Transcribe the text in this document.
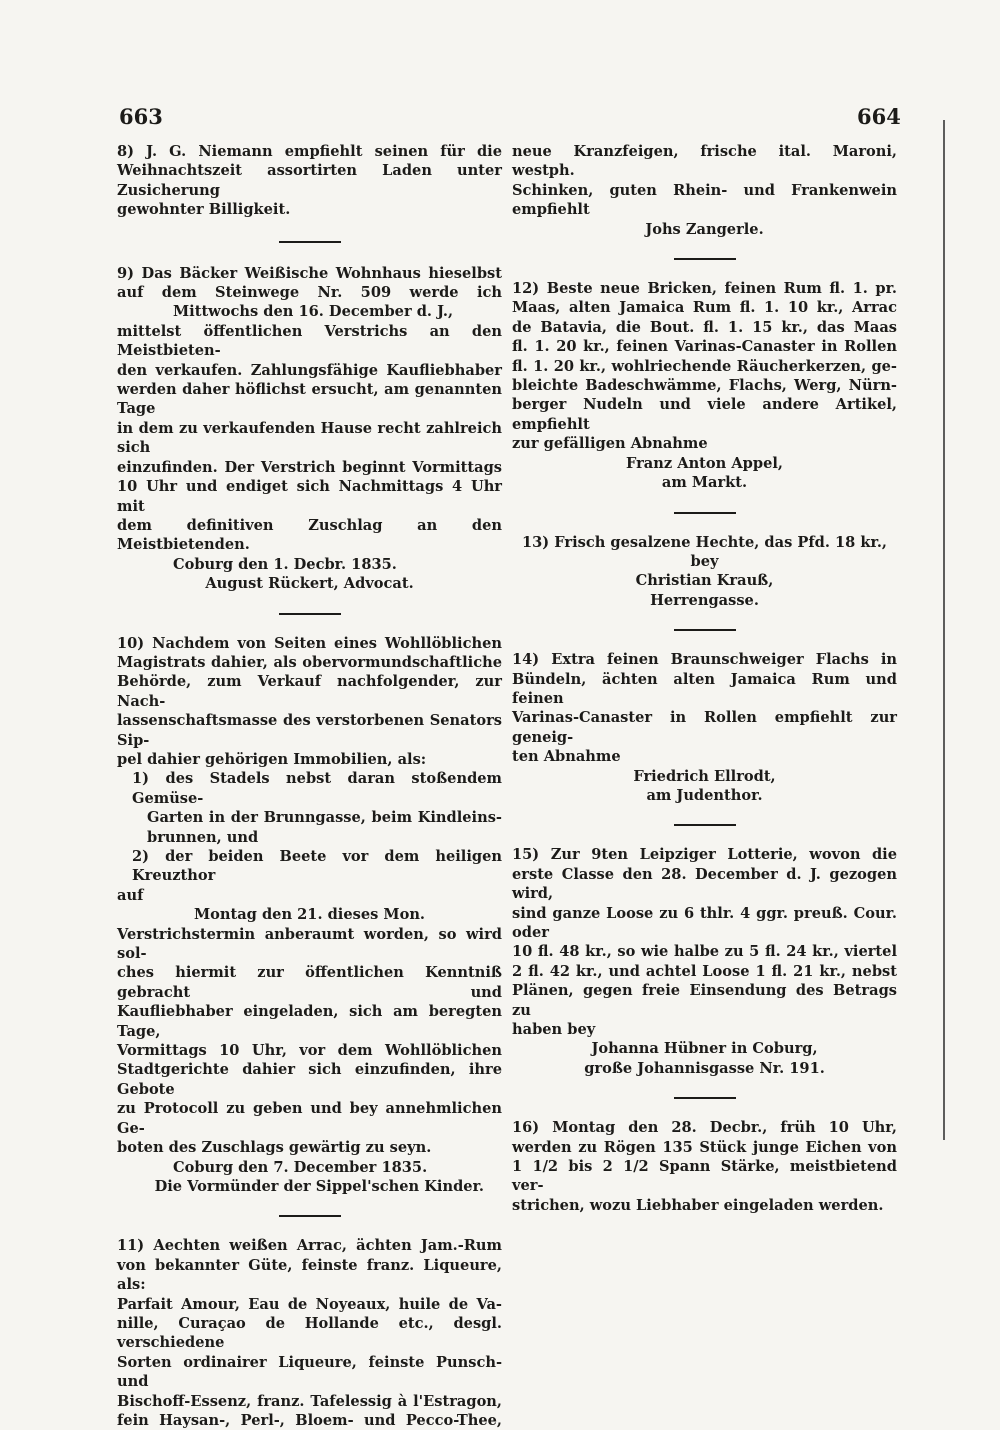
663	664

8) J. G. Niemann empfiehlt seinen für die

Weihnachtszeit assortirten Laden unter Zusicherung

gewohnter Billigkeit.

9) Das Bäcker Weißische Wohnhaus hieselbst

auf dem Steinwege Nr. 509 werde ich

Mittwochs den 16. December d. J.,

mittelst öffentlichen Verstrichs an den Meistbieten-

den verkaufen. Zahlungsfähige Kaufliebhaber

werden daher höflichst ersucht, am genannten Tage

in dem zu verkaufenden Hause recht zahlreich sich

einzufinden. Der Verstrich beginnt Vormittags

10 Uhr und endiget sich Nachmittags 4 Uhr mit

dem definitiven Zuschlag an den Meistbietenden.

Coburg den 1. Decbr. 1835.

August Rückert, Advocat.

10) Nachdem von Seiten eines Wohllöblichen

Magistrats dahier, als obervormundschaftliche

Behörde, zum Verkauf nachfolgender, zur Nach-

lassenschaftsmasse des verstorbenen Senators Sip-

pel dahier gehörigen Immobilien, als:

1) des Stadels nebst daran stoßendem Gemüse-

Garten in der Brunngasse, beim Kindleins-

brunnen, und

2) der beiden Beete vor dem heiligen Kreuzthor

auf

Montag den 21. dieses Mon.

Verstrichstermin anberaumt worden, so wird sol-

ches hiermit zur öffentlichen Kenntniß gebracht und

Kaufliebhaber eingeladen, sich am beregten Tage,

Vormittags 10 Uhr, vor dem Wohllöblichen

Stadtgerichte dahier sich einzufinden, ihre Gebote

zu Protocoll zu geben und bey annehmlichen Ge-

boten des Zuschlags gewärtig zu seyn.

Coburg den 7. December 1835.

Die Vormünder der Sippel'schen Kinder.

11) Aechten weißen Arrac, ächten Jam.-Rum

von bekannter Güte, feinste franz. Liqueure, als:

Parfait Amour, Eau de Noyeaux, huile de Va-

nille, Curaçao de Hollande etc., desgl. verschiedene

Sorten ordinairer Liqueure, feinste Punsch- und

Bischoff-Essenz, franz. Tafelessig à l'Estragon,

fein Haysan-, Perl-, Bloem- und Pecco-Thee,

neue Kranzfeigen, frische ital. Maroni, westph.

Schinken, guten Rhein- und Frankenwein empfiehlt

Johs Zangerle.

12) Beste neue Bricken, feinen Rum fl. 1. pr.

Maas, alten Jamaica Rum fl. 1. 10 kr., Arrac

de Batavia, die Bout. fl. 1. 15 kr., das Maas

fl. 1. 20 kr., feinen Varinas-Canaster in Rollen

fl. 1. 20 kr., wohlriechende Räucherkerzen, ge-

bleichte Badeschwämme, Flachs, Werg, Nürn-

berger Nudeln und viele andere Artikel, empfiehlt

zur gefälligen Abnahme

Franz Anton Appel,

am Markt.

13) Frisch gesalzene Hechte, das Pfd. 18 kr., bey

Christian Krauß,

Herrengasse.

14) Extra feinen Braunschweiger Flachs in

Bündeln, ächten alten Jamaica Rum und feinen

Varinas-Canaster in Rollen empfiehlt zur geneig-

ten Abnahme

Friedrich Ellrodt,

am Judenthor.

15) Zur 9ten Leipziger Lotterie, wovon die

erste Classe den 28. December d. J. gezogen wird,

sind ganze Loose zu 6 thlr. 4 ggr. preuß. Cour. oder

10 fl. 48 kr., so wie halbe zu 5 fl. 24 kr., viertel

2 fl. 42 kr., und achtel Loose 1 fl. 21 kr., nebst

Plänen, gegen freie Einsendung des Betrags zu

haben bey

Johanna Hübner in Coburg,

große Johannisgasse Nr. 191.

16) Montag den 28. Decbr., früh 10 Uhr,

werden zu Rögen 135 Stück junge Eichen von

1 1/2 bis 2 1/2 Spann Stärke, meistbietend ver-

strichen, wozu Liebhaber eingeladen werden.
